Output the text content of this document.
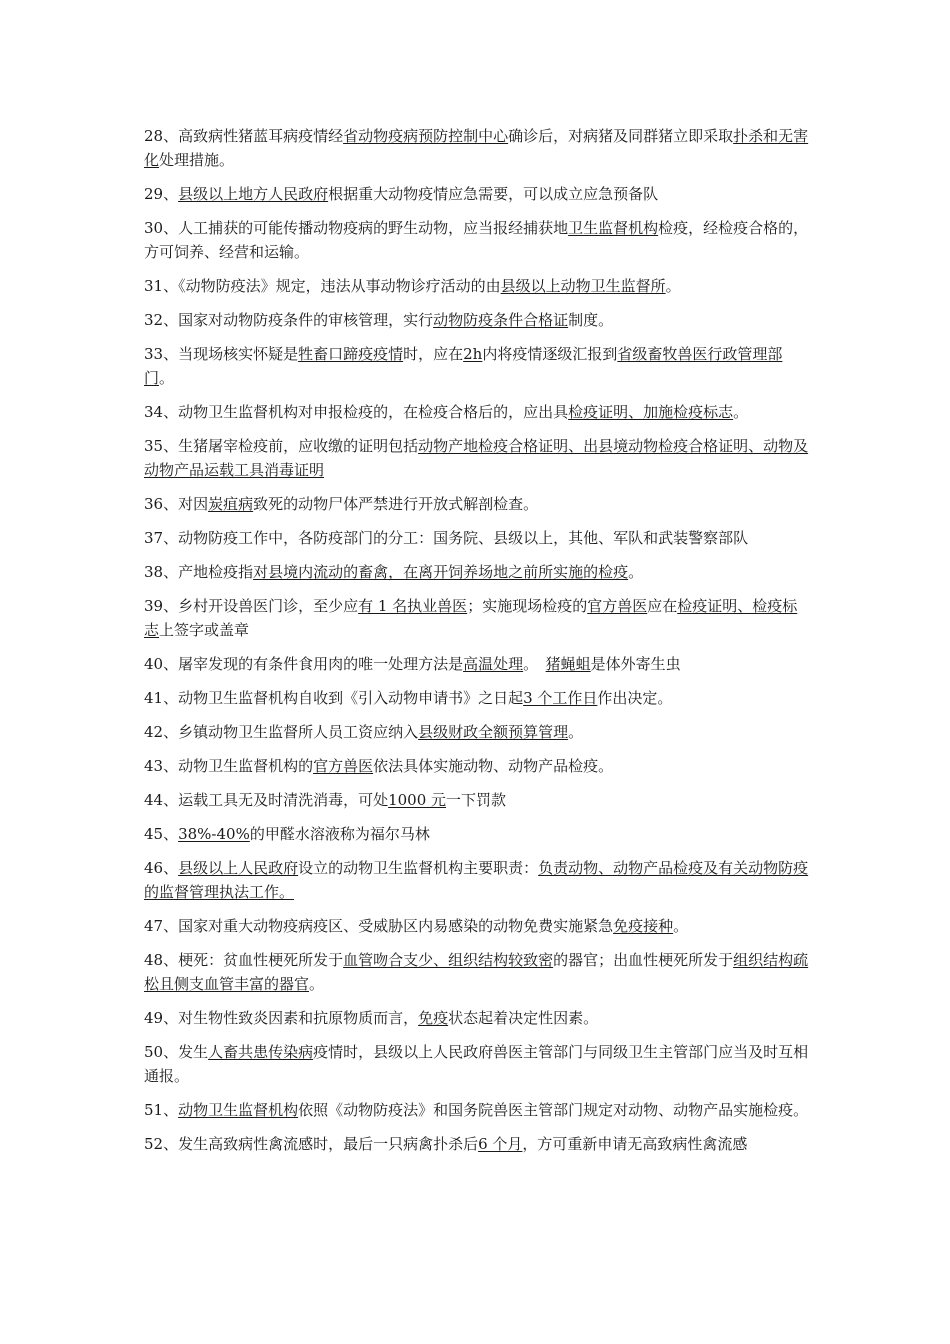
28、高致病性猪蓝耳病疫情经省动物疫病预防控制中心确诊后，对病猪及同群猪立即采取扑杀和无害化处理措施。

29、县级以上地方人民政府根据重大动物疫情应急需要，可以成立应急预备队

30、人工捕获的可能传播动物疫病的野生动物，应当报经捕获地卫生监督机构检疫，经检疫合格的，方可饲养、经营和运输。

31、《动物防疫法》规定，违法从事动物诊疗活动的由县级以上动物卫生监督所。

32、国家对动物防疫条件的审核管理，实行动物防疫条件合格证制度。

33、当现场核实怀疑是牲畜口蹄疫疫情时，应在2h内将疫情逐级汇报到省级畜牧兽医行政管理部门。

34、动物卫生监督机构对申报检疫的，在检疫合格后的，应出具检疫证明、加施检疫标志。

35、生猪屠宰检疫前，应收缴的证明包括动物产地检疫合格证明、出县境动物检疫合格证明、动物及动物产品运载工具消毒证明

36、对因炭疽病致死的动物尸体严禁进行开放式解剖检查。

37、动物防疫工作中，各防疫部门的分工：国务院、县级以上，其他、军队和武装警察部队

38、产地检疫指对县境内流动的畜禽，在离开饲养场地之前所实施的检疫。

39、乡村开设兽医门诊，至少应有 1 名执业兽医；实施现场检疫的官方兽医应在检疫证明、检疫标志上签字或盖章

40、屠宰发现的有条件食用肉的唯一处理方法是高温处理。　猪蝇蛆是体外寄生虫

41、动物卫生监督机构自收到《引入动物申请书》之日起3 个工作日作出决定。

42、乡镇动物卫生监督所人员工资应纳入县级财政全额预算管理。

43、动物卫生监督机构的官方兽医依法具体实施动物、动物产品检疫。

44、运载工具无及时清洗消毒，可处1000 元一下罚款

45、38%-40%的甲醛水溶液称为福尔马林

46、县级以上人民政府设立的动物卫生监督机构主要职责：负责动物、动物产品检疫及有关动物防疫的监督管理执法工作。

47、国家对重大动物疫病疫区、受威胁区内易感染的动物免费实施紧急免疫接种。

48、梗死：贫血性梗死所发于血管吻合支少、组织结构较致密的器官；出血性梗死所发于组织结构疏松且侧支血管丰富的器官。

49、对生物性致炎因素和抗原物质而言，免疫状态起着决定性因素。

50、发生人畜共患传染病疫情时，县级以上人民政府兽医主管部门与同级卫生主管部门应当及时互相通报。

51、动物卫生监督机构依照《动物防疫法》和国务院兽医主管部门规定对动物、动物产品实施检疫。

52、发生高致病性禽流感时，最后一只病禽扑杀后6 个月，方可重新申请无高致病性禽流感
